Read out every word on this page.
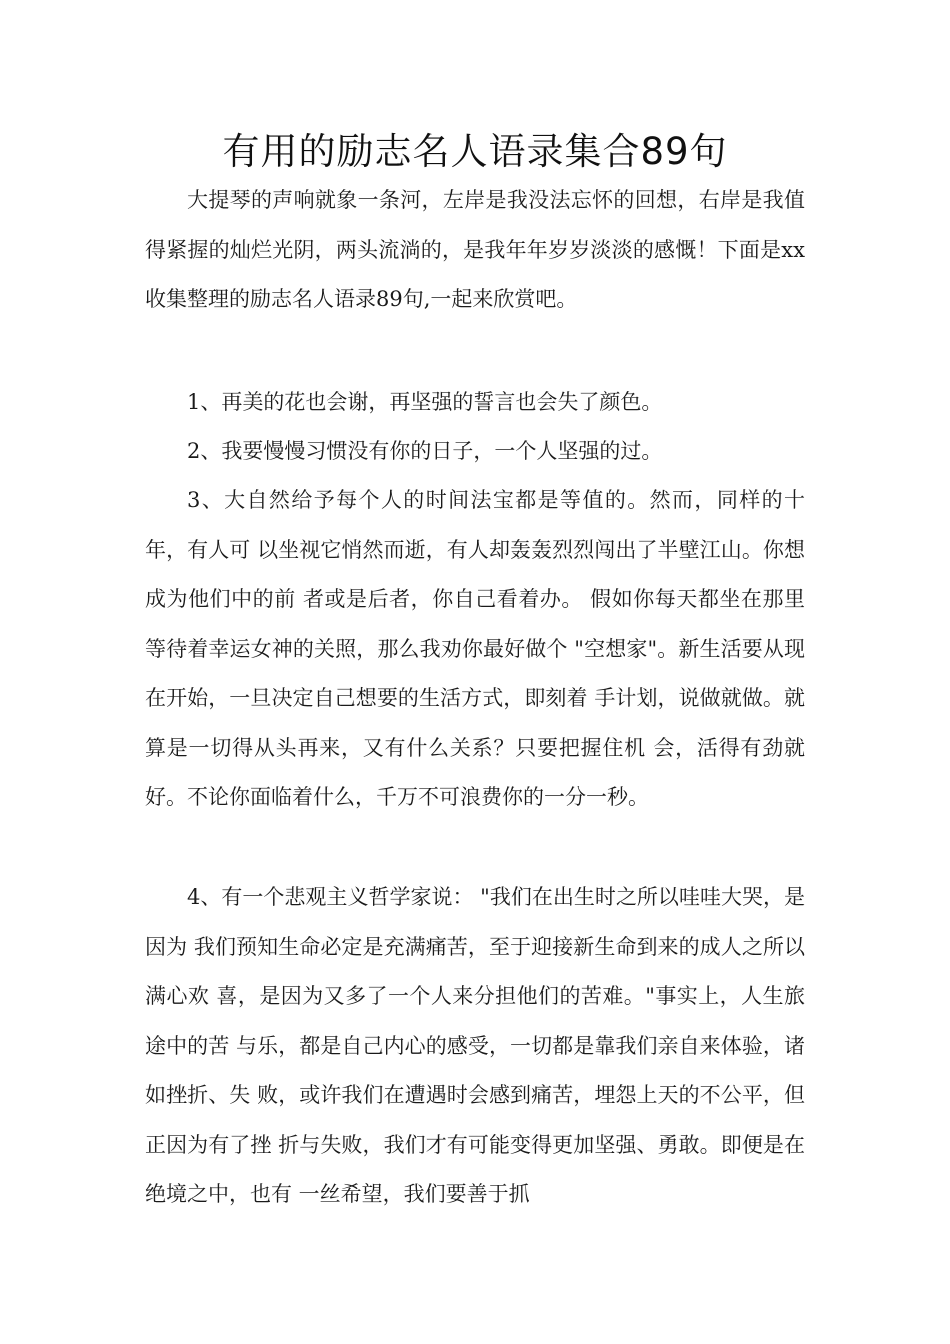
有用的励志名人语录集合89句

大提琴的声响就象一条河，左岸是我没法忘怀的回想，右岸是我值得紧握的灿烂光阴，两头流淌的，是我年年岁岁淡淡的感慨！下面是xx收集整理的励志名人语录89句,一起来欣赏吧。

1、再美的花也会谢，再坚强的誓言也会失了颜色。

2、我要慢慢习惯没有你的日子，一个人坚强的过。

3、大自然给予每个人的时间法宝都是等值的。然而，同样的十年，有人可 以坐视它悄然而逝，有人却轰轰烈烈闯出了半壁江山。你想成为他们中的前 者或是后者，你自己看着办。 假如你每天都坐在那里等待着幸运女神的关照，那么我劝你最好做个 "空想家"。新生活要从现在开始，一旦决定自己想要的生活方式，即刻着 手计划，说做就做。就算是一切得从头再来，又有什么关系？只要把握住机 会，活得有劲就好。不论你面临着什么，千万不可浪费你的一分一秒。

4、有一个悲观主义哲学家说： "我们在出生时之所以哇哇大哭，是因为 我们预知生命必定是充满痛苦，至于迎接新生命到来的成人之所以满心欢 喜，是因为又多了一个人来分担他们的苦难。"事实上，人生旅途中的苦 与乐，都是自己内心的感受，一切都是靠我们亲自来体验，诸如挫折、失 败，或许我们在遭遇时会感到痛苦，埋怨上天的不公平，但正因为有了挫 折与失败，我们才有可能变得更加坚强、勇敢。即便是在绝境之中，也有 一丝希望，我们要善于抓
